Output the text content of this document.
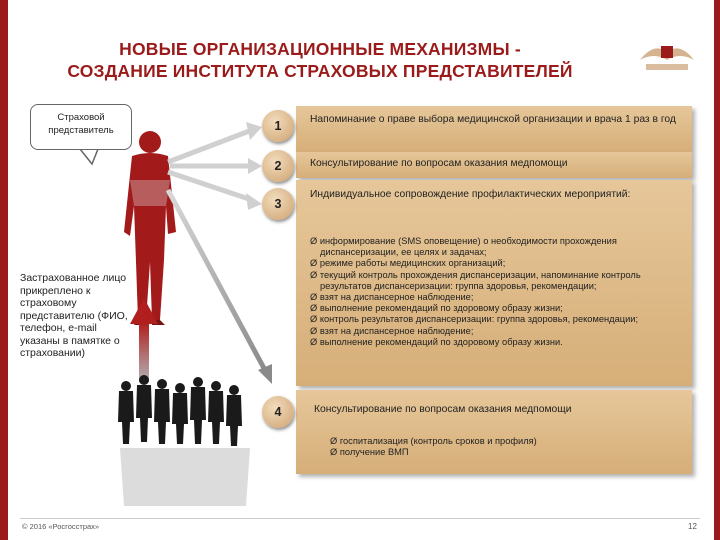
НОВЫЕ ОРГАНИЗАЦИОННЫЕ МЕХАНИЗМЫ -
СОЗДАНИЕ ИНСТИТУТА СТРАХОВЫХ ПРЕДСТАВИТЕЛЕЙ
Страховой
представитель
Застрахованное лицо прикреплено к страховому представителю (ФИО, телефон, e-mail указаны в памятке о страховании)
Напоминание о праве выбора медицинской организации и врача 1 раз в год
1
Консультирование по вопросам оказания медпомощи
2
Индивидуальное сопровождение профилактических мероприятий:
3
Ø информирование (SMS оповещение) о необходимости прохождения диспансеризации, ее целях и задачах;
Ø режиме работы медицинских организаций;
Ø текущий контроль прохождения диспансеризации, напоминание контроль результатов диспансеризации: группа здоровья, рекомендации;
Ø взят на диспансерное наблюдение;
Ø выполнение рекомендаций по здоровому образу жизни;
Ø контроль результатов диспансеризации: группа здоровья, рекомендации;
Ø взят на диспансерное наблюдение;
Ø выполнение рекомендаций по здоровому образу жизни.
Консультирование по вопросам оказания медпомощи
4
Ø госпитализация (контроль сроков и профиля)
Ø получение ВМП
© 2016 «Росгосстрах»	12
